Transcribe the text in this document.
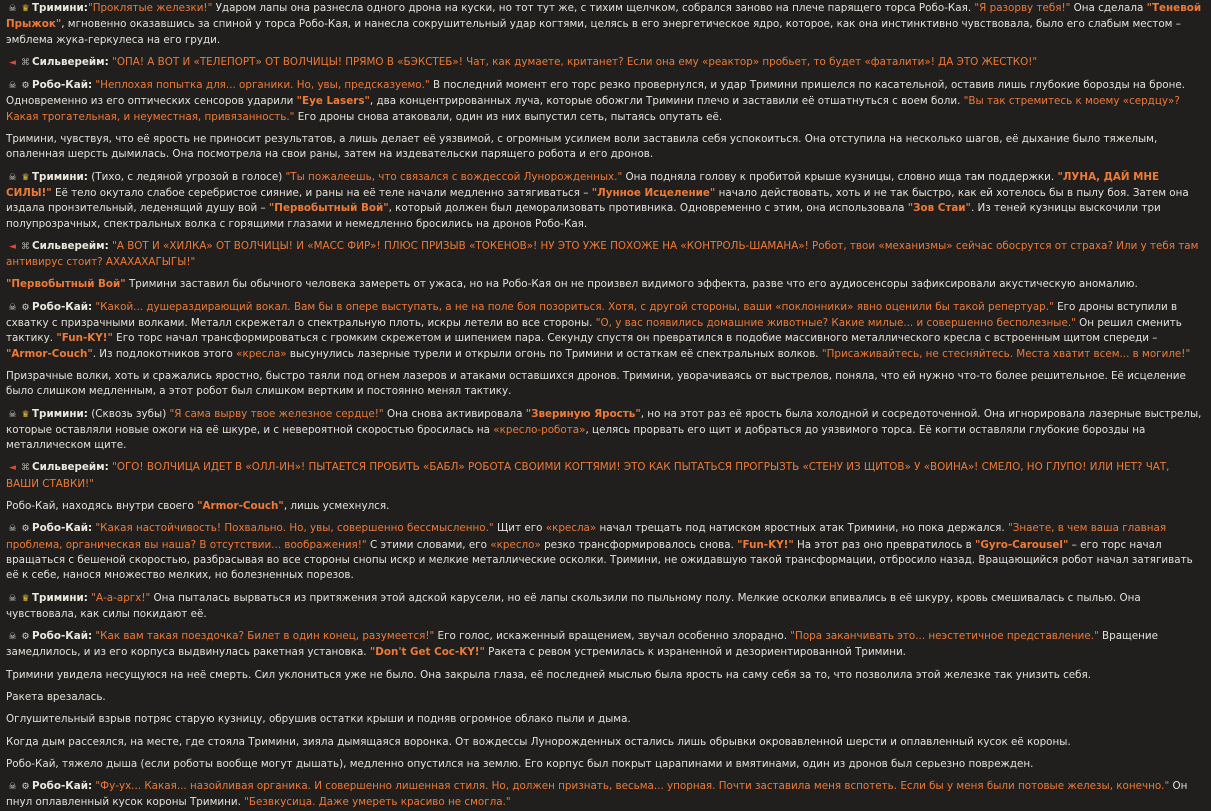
☠ ♛ Тримини:"Проклятые железки!" Ударом лапы она разнесла одного дрона на куски, но тот тут же, с тихим щелчком, собрался заново на плече парящего торса Робо-Кая. "Я разорву тебя!" Она сделала "Теневой Прыжок", мгновенно оказавшись за спиной у торса Робо-Кая, и нанесла сокрушительный удар когтями, целясь в его энергетическое ядро, которое, как она инстинктивно чувствовала, было его слабым местом – эмблема жука-геркулеса на его груди.
◄ ⌘ Сильверейм: "ОПА! А ВОТ И «ТЕЛЕПОРТ» ОТ ВОЛЧИЦЫ! ПРЯМО В «БЭКСТЕБ»! Чат, как думаете, кританет? Если она ему «реактор» пробьет, то будет «фаталити»! ДА ЭТО ЖЕСТКО!"
☠ ⚙ Робо-Кай: "Неплохая попытка для... органики. Но, увы, предсказуемо." В последний момент его торс резко провернулся, и удар Тримини пришелся по касательной, оставив лишь глубокие борозды на броне. Одновременно из его оптических сенсоров ударили "Eye Lasers", два концентрированных луча, которые обожгли Тримини плечо и заставили её отшатнуться с воем боли. "Вы так стремитесь к моему «сердцу»? Какая трогательная, и неуместная, привязанность." Его дроны снова атаковали, один из них выпустил сеть, пытаясь опутать её.
Тримини, чувствуя, что её ярость не приносит результатов, а лишь делает её уязвимой, с огромным усилием воли заставила себя успокоиться. Она отступила на несколько шагов, её дыхание было тяжелым, опаленная шерсть дымилась. Она посмотрела на свои раны, затем на издевательски парящего робота и его дронов.
☠ ♛ Тримини: (Тихо, с ледяной угрозой в голосе) "Ты пожалеешь, что связался с вождессой Лунорожденных." Она подняла голову к пробитой крыше кузницы, словно ища там поддержки. "ЛУНА, ДАЙ МНЕ СИЛЫ!" Её тело окутало слабое серебристое сияние, и раны на её теле начали медленно затягиваться – "Лунное Исцеление" начало действовать, хоть и не так быстро, как ей хотелось бы в пылу боя. Затем она издала пронзительный, леденящий душу вой – "Первобытный Вой", который должен был деморализовать противника. Одновременно с этим, она использовала "Зов Стаи". Из теней кузницы выскочили три полупрозрачных, спектральных волка с горящими глазами и немедленно бросились на дронов Робо-Кая.
◄ ⌘ Сильверейм: "А ВОТ И «ХИЛКА» ОТ ВОЛЧИЦЫ! И «МАСС ФИР»! ПЛЮС ПРИЗЫВ «ТОКЕНОВ»! НУ ЭТО УЖЕ ПОХОЖЕ НА «КОНТРОЛЬ-ШАМАНА»! Робот, твои «механизмы» сейчас обосрутся от страха? Или у тебя там антивирус стоит? АХАХАХАГЫГЫ!"
"Первобытный Вой" Тримини заставил бы обычного человека замереть от ужаса, но на Робо-Кая он не произвел видимого эффекта, разве что его аудиосенсоры зафиксировали акустическую аномалию.
☠ ⚙ Робо-Кай: "Какой... душераздирающий вокал. Вам бы в опере выступать, а не на поле боя позориться. Хотя, с другой стороны, ваши «поклонники» явно оценили бы такой репертуар." Его дроны вступили в схватку с призрачными волками. Металл скрежетал о спектральную плоть, искры летели во все стороны. "О, у вас появились домашние животные? Какие милые... и совершенно бесполезные." Он решил сменить тактику. "Fun-KY!" Его торс начал трансформироваться с громким скрежетом и шипением пара. Секунду спустя он превратился в подобие массивного металлического кресла с встроенным щитом спереди – "Armor-Couch". Из подлокотников этого «кресла» высунулись лазерные турели и открыли огонь по Тримини и остаткам её спектральных волков. "Присаживайтесь, не стесняйтесь. Места хватит всем... в могиле!"
Призрачные волки, хоть и сражались яростно, быстро таяли под огнем лазеров и атаками оставшихся дронов. Тримини, уворачиваясь от выстрелов, поняла, что ей нужно что-то более решительное. Её исцеление было слишком медленным, а этот робот был слишком вертким и постоянно менял тактику.
☠ ♛ Тримини: (Сквозь зубы) "Я сама вырву твое железное сердце!" Она снова активировала "Звериную Ярость", но на этот раз её ярость была холодной и сосредоточенной. Она игнорировала лазерные выстрелы, которые оставляли новые ожоги на её шкуре, и с невероятной скоростью бросилась на «кресло-робота», целясь прорвать его щит и добраться до уязвимого торса. Её когти оставляли глубокие борозды на металлическом щите.
◄ ⌘ Сильверейм: "ОГО! ВОЛЧИЦА ИДЕТ В «ОЛЛ-ИН»! ПЫТАЕТСЯ ПРОБИТЬ «БАБЛ» РОБОТА СВОИМИ КОГТЯМИ! ЭТО КАК ПЫТАТЬСЯ ПРОГРЫЗТЬ «СТЕНУ ИЗ ЩИТОВ» У «ВОИНА»! СМЕЛО, НО ГЛУПО! ИЛИ НЕТ? ЧАТ, ВАШИ СТАВКИ!"
Робо-Кай, находясь внутри своего "Armor-Couch", лишь усмехнулся.
☠ ⚙ Робо-Кай: "Какая настойчивость! Похвально. Но, увы, совершенно бессмысленно." Щит его «кресла» начал трещать под натиском яростных атак Тримини, но пока держался. "Знаете, в чем ваша главная проблема, органическая вы наша? В отсутствии... воображения!" С этими словами, его «кресло» резко трансформировалось снова. "Fun-KY!" На этот раз оно превратилось в "Gyro-Carousel" – его торс начал вращаться с бешеной скоростью, разбрасывая во все стороны снопы искр и мелкие металлические осколки. Тримини, не ожидавшую такой трансформации, отбросило назад. Вращающийся робот начал затягивать её к себе, нанося множество мелких, но болезненных порезов.
☠ ♛ Тримини: "А-а-аргх!" Она пыталась вырваться из притяжения этой адской карусели, но её лапы скользили по пыльному полу. Мелкие осколки впивались в её шкуру, кровь смешивалась с пылью. Она чувствовала, как силы покидают её.
☠ ⚙ Робо-Кай: "Как вам такая поездочка? Билет в один конец, разумеется!" Его голос, искаженный вращением, звучал особенно злорадно. "Пора заканчивать это... неэстетичное представление." Вращение замедлилось, и из его корпуса выдвинулась ракетная установка. "Don't Get Coc-KY!" Ракета с ревом устремилась к израненной и дезориентированной Тримини.
Тримини увидела несущуюся на неё смерть. Сил уклониться уже не было. Она закрыла глаза, её последней мыслью была ярость на саму себя за то, что позволила этой железке так унизить себя.
Ракета врезалась.
Оглушительный взрыв потряс старую кузницу, обрушив остатки крыши и подняв огромное облако пыли и дыма.
Когда дым рассеялся, на месте, где стояла Тримини, зияла дымящаяся воронка. От вождессы Лунорожденных остались лишь обрывки окровавленной шерсти и оплавленный кусок её короны.
Робо-Кай, тяжело дыша (если роботы вообще могут дышать), медленно опустился на землю. Его корпус был покрыт царапинами и вмятинами, один из дронов был серьезно поврежден.
☠ ⚙ Робо-Кай: "Фу-ух... Какая... назойливая органика. И совершенно лишенная стиля. Но, должен признать, весьма... упорная. Почти заставила меня вспотеть. Если бы у меня были потовые железы, конечно." Он пнул оплавленный кусок короны Тримини. "Безвкусица. Даже умереть красиво не смогла."
